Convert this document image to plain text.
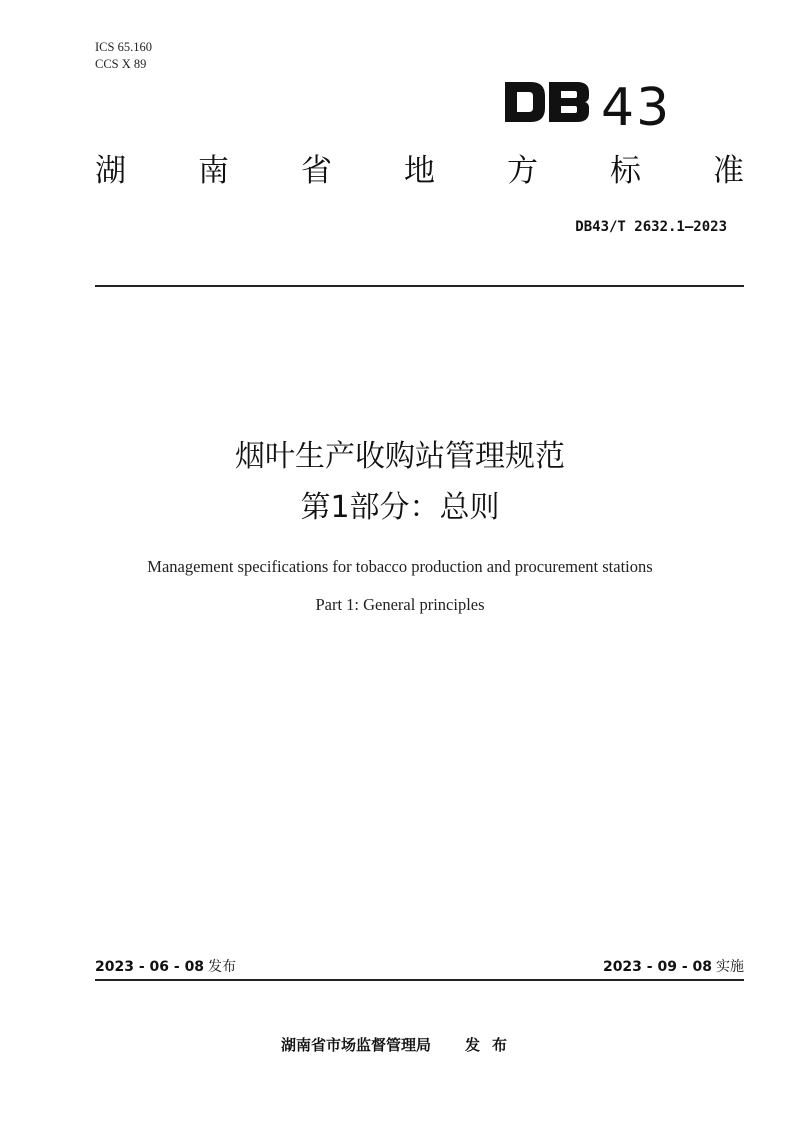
ICS 65.160
CCS X 89
43
湖 南 省 地 方 标 准
DB43/T 2632.1—2023
烟叶生产收购站管理规范
第1部分：总则
Management specifications for tobacco production and procurement stations
Part 1: General principles
2023 - 06 - 08 发布	2023 - 09 - 08 实施
湖南省市场监督管理局 发布
